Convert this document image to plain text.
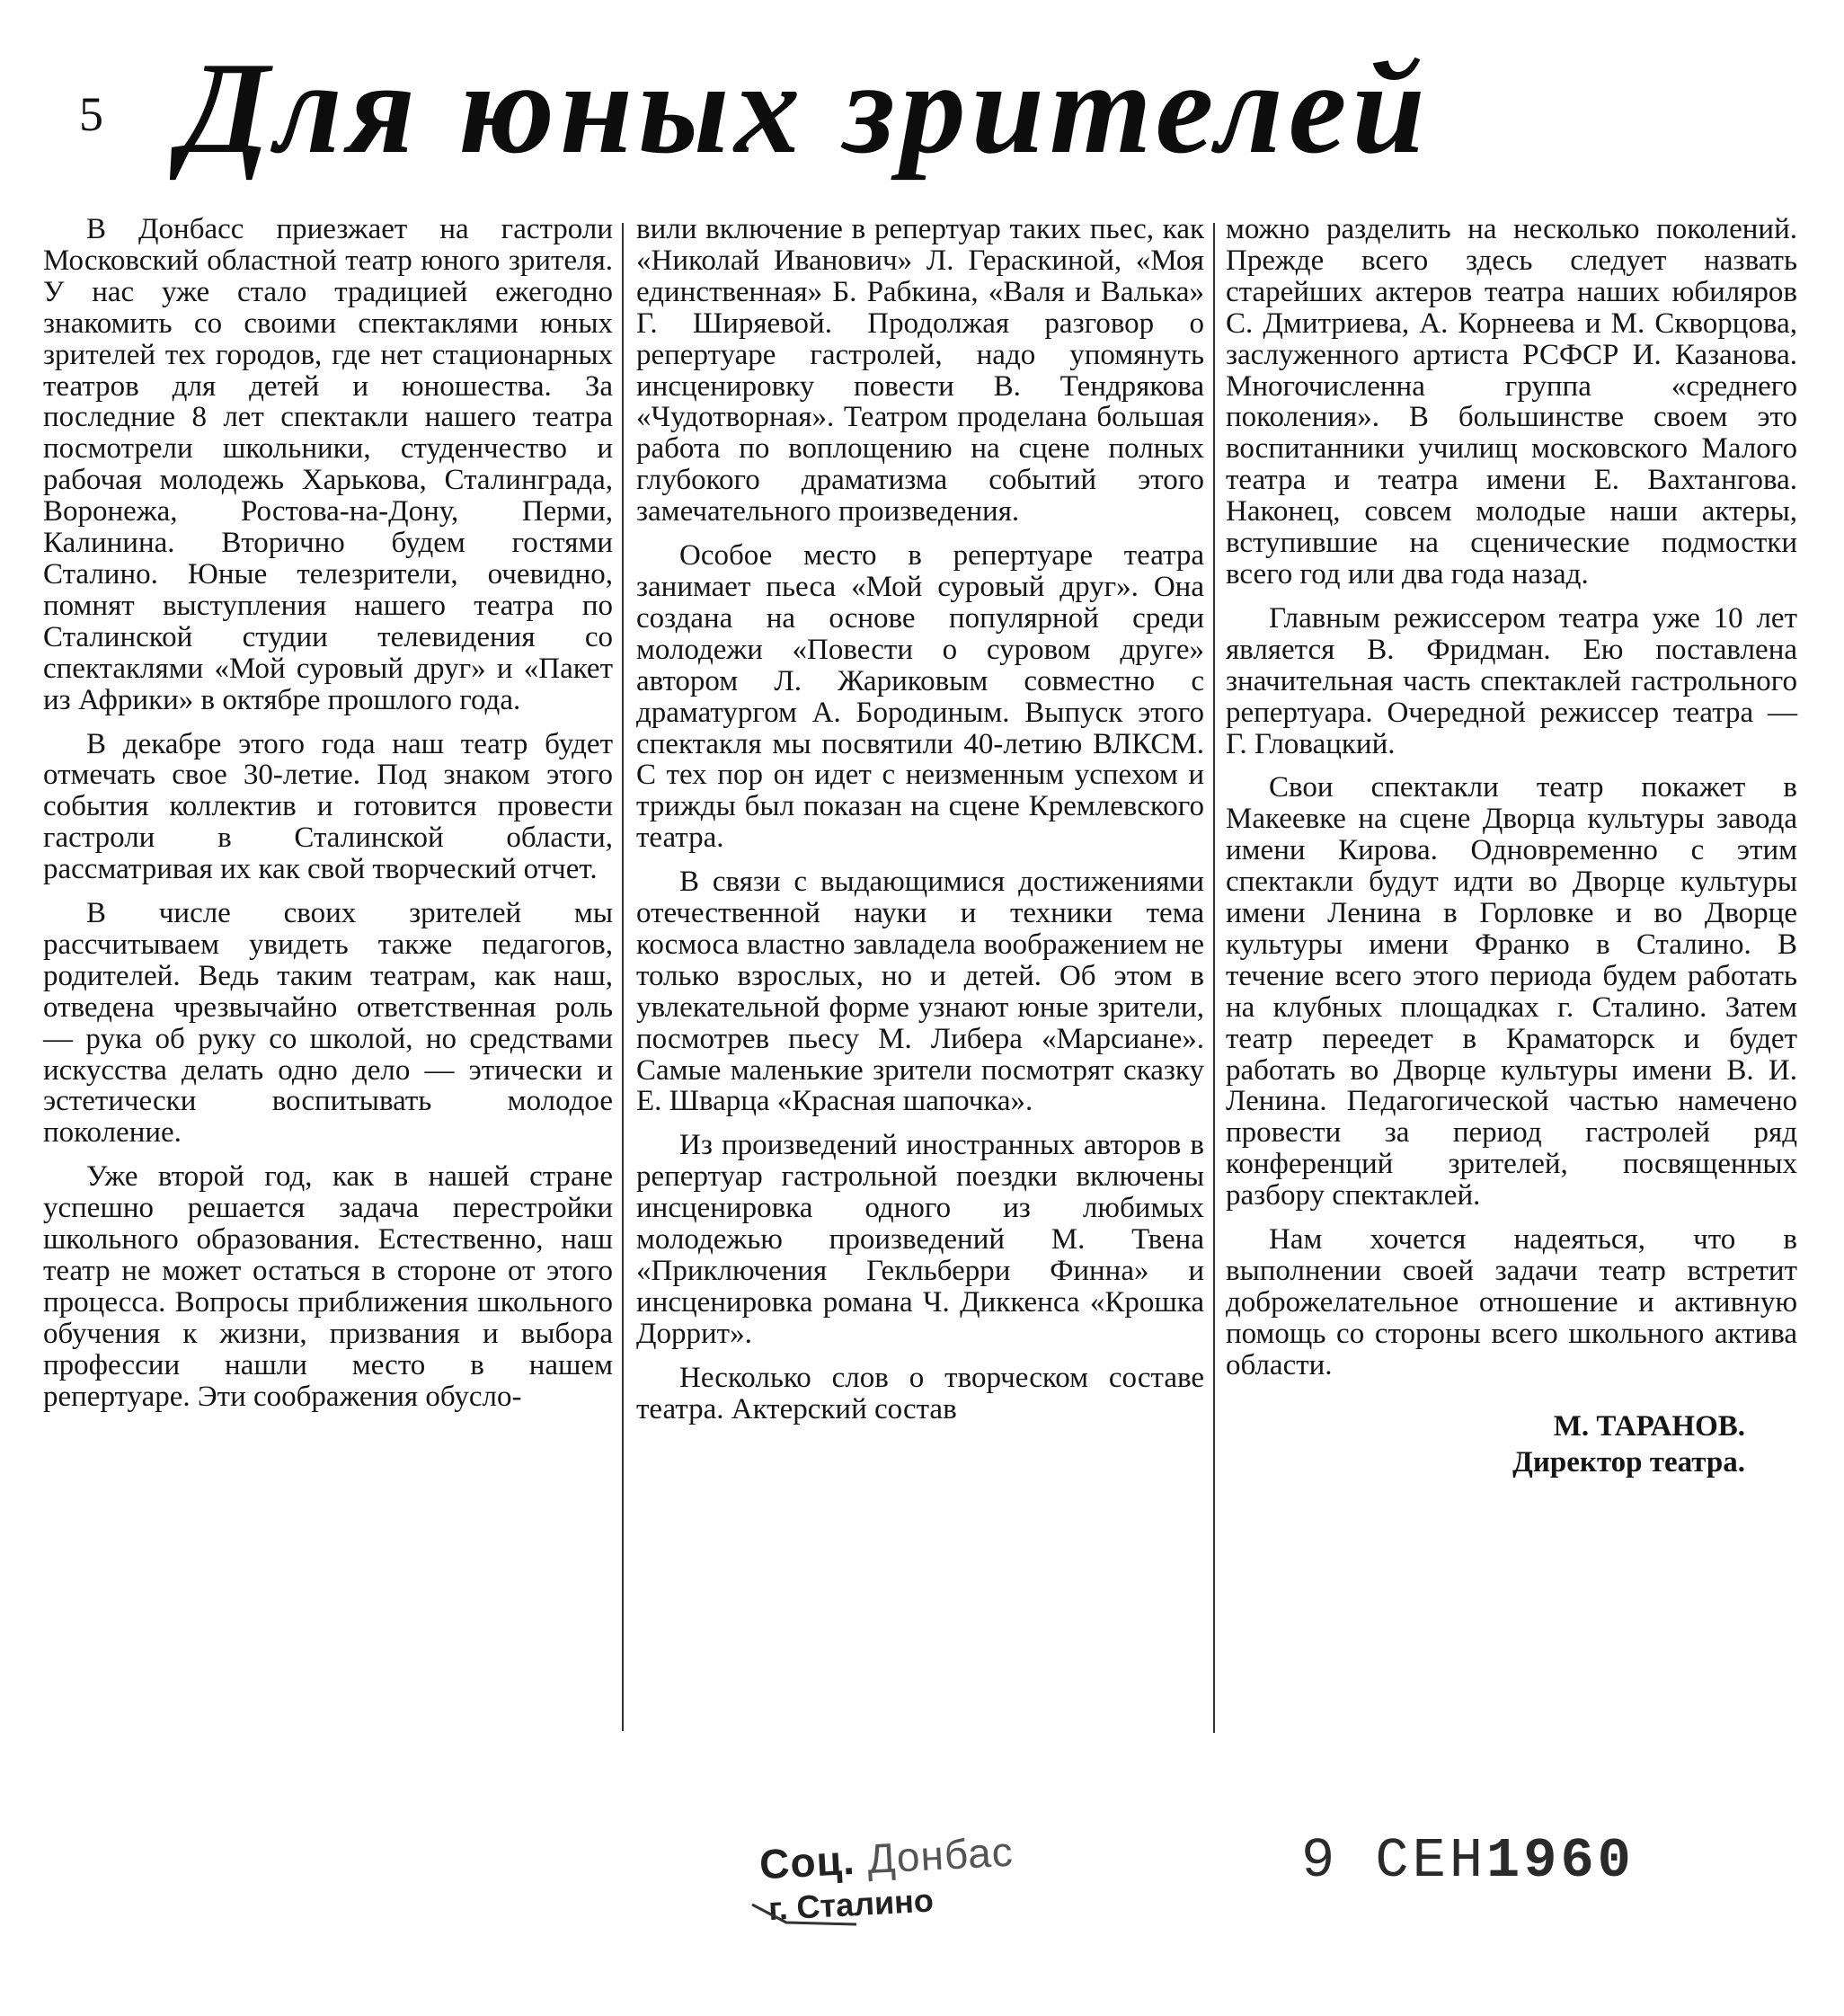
5 Для юных зрителей

В Донбасс приезжает на гастроли Московский областной театр юного зрителя. У нас уже стало традицией ежегодно знакомить со своими спектаклями юных зрителей тех городов, где нет стационарных театров для детей и юношества. За последние 8 лет спектакли нашего театра посмотрели школьники, студенчество и рабочая молодежь Харькова, Сталинграда, Воронежа, Ростова-на-Дону, Перми, Калинина. Вторично будем гостями Сталино. Юные телезрители, очевидно, помнят выступления нашего театра по Сталинской студии телевидения со спектаклями «Мой суровый друг» и «Пакет из Африки» в октябре прошлого года.

В декабре этого года наш театр будет отмечать свое 30-летие. Под знаком этого события коллектив и готовится провести гастроли в Сталинской области, рассматривая их как свой творческий отчет.

В числе своих зрителей мы рассчитываем увидеть также педагогов, родителей. Ведь таким театрам, как наш, отведена чрезвычайно ответственная роль — рука об руку со школой, но средствами искусства делать одно дело — этически и эстетически воспитывать молодое поколение.

Уже второй год, как в нашей стране успешно решается задача перестройки школьного образования. Естественно, наш театр не может остаться в стороне от этого процесса. Вопросы приближения школьного обучения к жизни, призвания и выбора профессии нашли место в нашем репертуаре. Эти соображения обусло-

вили включение в репертуар таких пьес, как «Николай Иванович» Л. Гераскиной, «Моя единственная» Б. Рабкина, «Валя и Валька» Г. Ширяевой. Продолжая разговор о репертуаре гастролей, надо упомянуть инсценировку повести В. Тендрякова «Чудотворная». Театром проделана большая работа по воплощению на сцене полных глубокого драматизма событий этого замечательного произведения.

Особое место в репертуаре театра занимает пьеса «Мой суровый друг». Она создана на основе популярной среди молодежи «Повести о суровом друге» автором Л. Жариковым совместно с драматургом А. Бородиным. Выпуск этого спектакля мы посвятили 40-летию ВЛКСМ. С тех пор он идет с неизменным успехом и трижды был показан на сцене Кремлевского театра.

В связи с выдающимися достижениями отечественной науки и техники тема космоса властно завладела воображением не только взрослых, но и детей. Об этом в увлекательной форме узнают юные зрители, посмотрев пьесу М. Либера «Марсиане». Самые маленькие зрители посмотрят сказку Е. Шварца «Красная шапочка».

Из произведений иностранных авторов в репертуар гастрольной поездки включены инсценировка одного из любимых молодежью произведений М. Твена «Приключения Гекльберри Финна» и инсценировка романа Ч. Диккенса «Крошка Доррит».

Несколько слов о творческом составе театра. Актерский состав

можно разделить на несколько поколений. Прежде всего здесь следует назвать старейших актеров театра наших юбиляров С. Дмитриева, А. Корнеева и М. Скворцова, заслуженного артиста РСФСР И. Казанова. Многочисленна группа «среднего поколения». В большинстве своем это воспитанники училищ московского Малого театра и театра имени Е. Вахтангова. Наконец, совсем молодые наши актеры, вступившие на сценические подмостки всего год или два года назад.

Главным режиссером театра уже 10 лет является В. Фридман. Ею поставлена значительная часть спектаклей гастрольного репертуара. Очередной режиссер театра — Г. Гловацкий.

Свои спектакли театр покажет в Макеевке на сцене Дворца культуры завода имени Кирова. Одновременно с этим спектакли будут идти во Дворце культуры имени Ленина в Горловке и во Дворце культуры имени Франко в Сталино. В течение всего этого периода будем работать на клубных площадках г. Сталино. Затем театр переедет в Краматорск и будет работать во Дворце культуры имени В. И. Ленина. Педагогической частью намечено провести за период гастролей ряд конференций зрителей, посвященных разбору спектаклей.

Нам хочется надеяться, что в выполнении своей задачи театр встретит доброжелательное отношение и активную помощь со стороны всего школьного актива области.

М. ТАРАНОВ.
Директор театра.
Соц. Донбас
г. Сталино
9 СЕН1960
